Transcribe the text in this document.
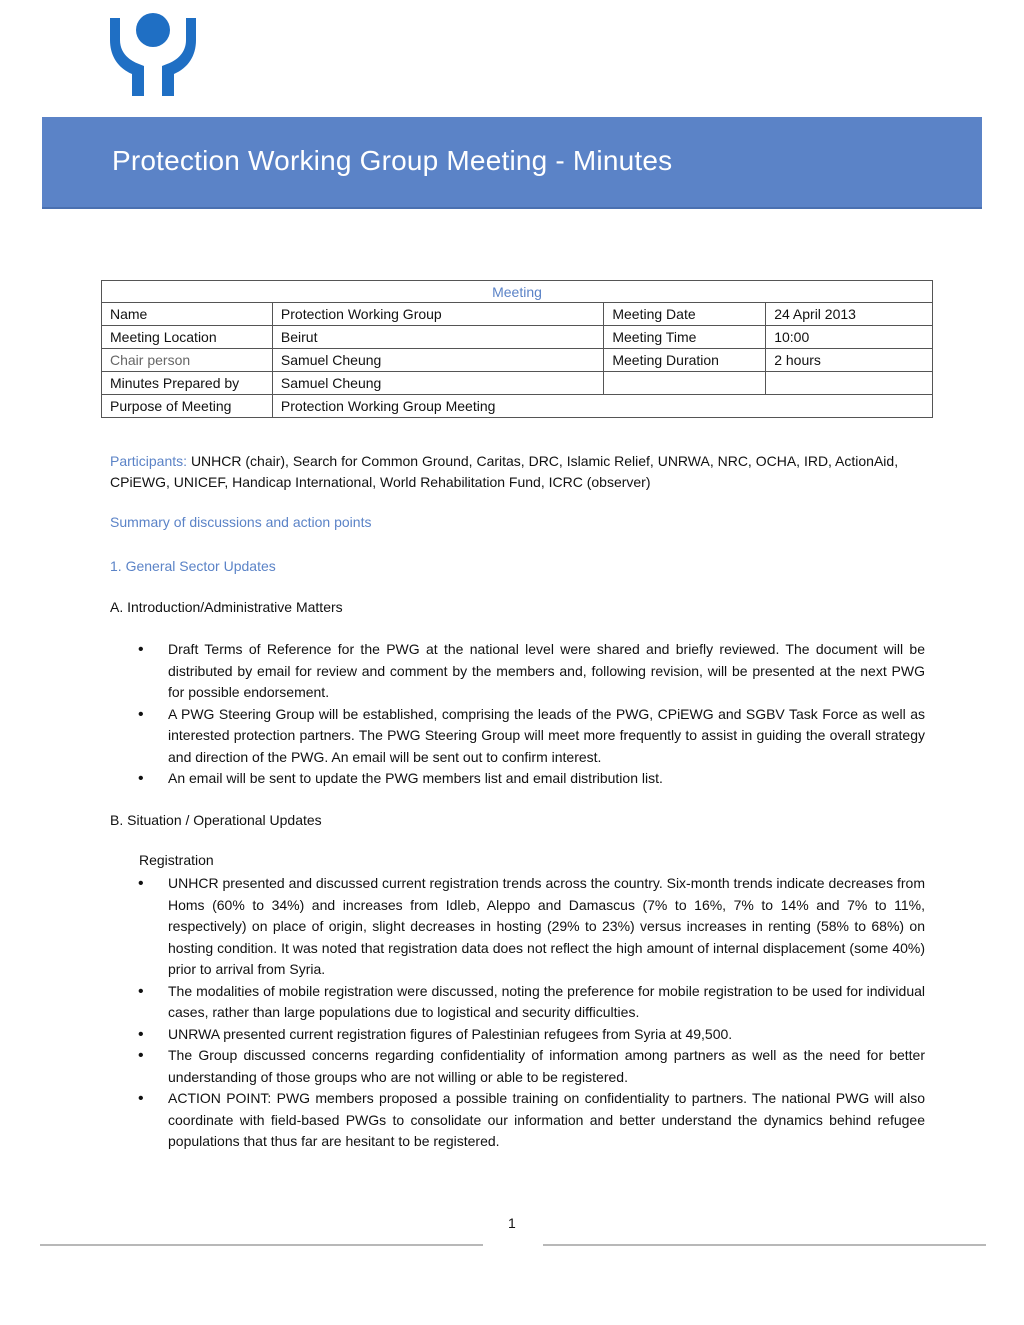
Protection Working Group Meeting - Minutes
Meeting			
Name	Protection Working Group	Meeting Date	24 April 2013
Meeting Location	Beirut	Meeting Time	10:00
Chair person	Samuel Cheung	Meeting Duration	2 hours
Minutes Prepared by	Samuel Cheung		
Purpose of Meeting	Protection Working Group Meeting		
Participants: UNHCR (chair), Search for Common Ground, Caritas, DRC, Islamic Relief, UNRWA, NRC, OCHA, IRD, ActionAid, CPiEWG, UNICEF, Handicap International, World Rehabilitation Fund, ICRC (observer)
Summary of discussions and action points
1. General Sector Updates
A. Introduction/Administrative Matters
• Draft Terms of Reference for the PWG at the national level were shared and briefly reviewed. The document will be distributed by email for review and comment by the members and, following revision, will be presented at the next PWG for possible endorsement.
• A PWG Steering Group will be established, comprising the leads of the PWG, CPiEWG and SGBV Task Force as well as interested protection partners. The PWG Steering Group will meet more frequently to assist in guiding the overall strategy and direction of the PWG. An email will be sent out to confirm interest.
• An email will be sent to update the PWG members list and email distribution list.
B. Situation / Operational Updates
Registration
• UNHCR presented and discussed current registration trends across the country. Six-month trends indicate decreases from Homs (60% to 34%) and increases from Idleb, Aleppo and Damascus (7% to 16%, 7% to 14% and 7% to 11%, respectively) on place of origin, slight decreases in hosting (29% to 23%) versus increases in renting (58% to 68%) on hosting condition. It was noted that registration data does not reflect the high amount of internal displacement (some 40%) prior to arrival from Syria.
• The modalities of mobile registration were discussed, noting the preference for mobile registration to be used for individual cases, rather than large populations due to logistical and security difficulties.
• UNRWA presented current registration figures of Palestinian refugees from Syria at 49,500.
• The Group discussed concerns regarding confidentiality of information among partners as well as the need for better understanding of those groups who are not willing or able to be registered.
• ACTION POINT: PWG members proposed a possible training on confidentiality to partners. The national PWG will also coordinate with field-based PWGs to consolidate our information and better understand the dynamics behind refugee populations that thus far are hesitant to be registered.
1
